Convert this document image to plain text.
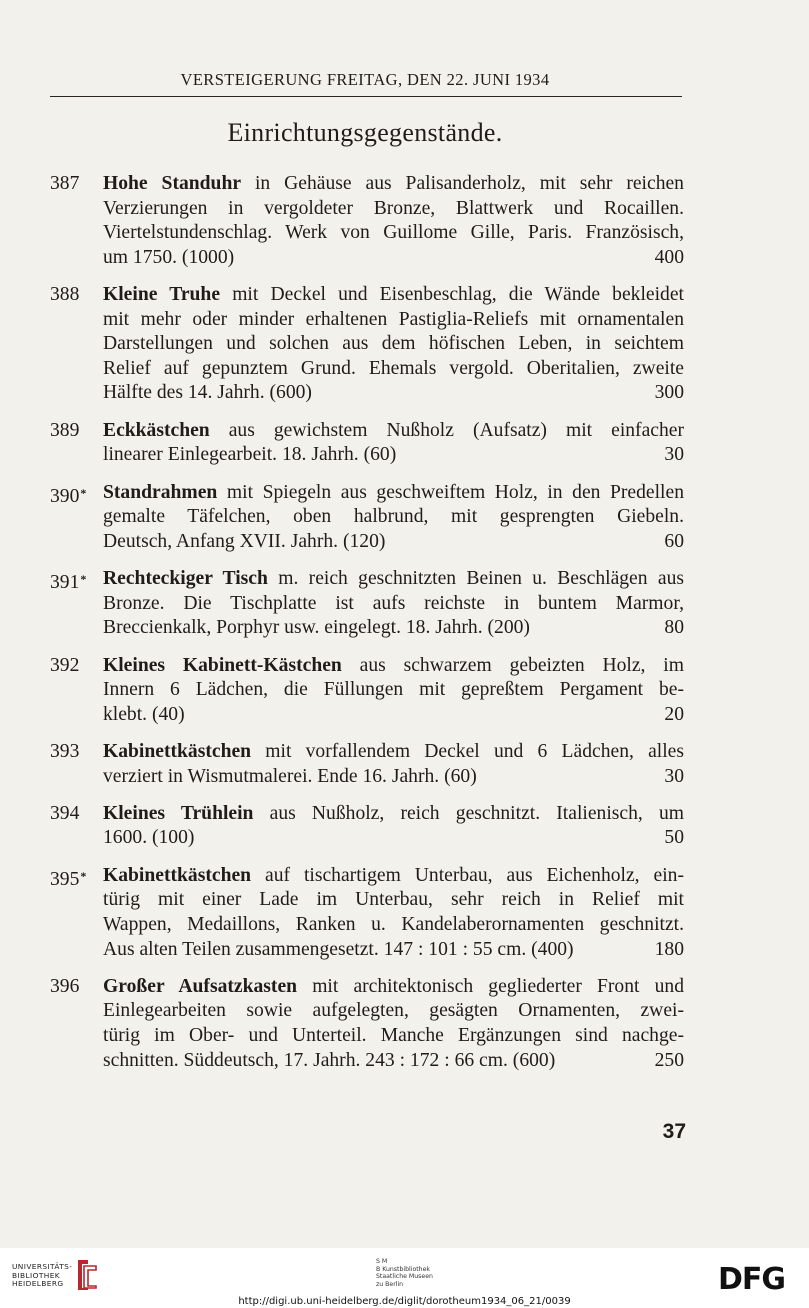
VERSTEIGERUNG FREITAG, DEN 22. JUNI 1934
Einrichtungsgegenstände.
387 Hohe Standuhr in Gehäuse aus Palisanderholz, mit sehr reichen
Verzierungen in vergoldeter Bronze, Blattwerk und Rocaillen.
Viertelstundenschlag. Werk von Guillome Gille, Paris. Französisch,
um 1750. (1000)	400
388 Kleine Truhe mit Deckel und Eisenbeschlag, die Wände bekleidet
mit mehr oder minder erhaltenen Pastiglia-Reliefs mit ornamentalen
Darstellungen und solchen aus dem höfischen Leben, in seichtem
Relief auf gepunztem Grund. Ehemals vergold. Oberitalien, zweite
Hälfte des 14. Jahrh. (600)	300
389 Eckkästchen aus gewichstem Nußholz (Aufsatz) mit einfacher
linearer Einlegearbeit. 18. Jahrh. (60)	30
390* Standrahmen mit Spiegeln aus geschweiftem Holz, in den Predellen
gemalte Täfelchen, oben halbrund, mit gesprengten Giebeln.
Deutsch, Anfang XVII. Jahrh. (120)	60
391* Rechteckiger Tisch m. reich geschnitzten Beinen u. Beschlägen aus
Bronze. Die Tischplatte ist aufs reichste in buntem Marmor,
Breccienkalk, Porphyr usw. eingelegt. 18. Jahrh. (200)	80
392 Kleines Kabinett-Kästchen aus schwarzem gebeizten Holz, im
Innern 6 Lädchen, die Füllungen mit gepreßtem Pergament be-
klebt. (40)	20
393 Kabinettkästchen mit vorfallendem Deckel und 6 Lädchen, alles
verziert in Wismutmalerei. Ende 16. Jahrh. (60)	30
394 Kleines Trühlein aus Nußholz, reich geschnitzt. Italienisch, um
1600. (100)	50
395* Kabinettkästchen auf tischartigem Unterbau, aus Eichenholz, ein-
türig mit einer Lade im Unterbau, sehr reich in Relief mit
Wappen, Medaillons, Ranken u. Kandelaberornamenten geschnitzt.
Aus alten Teilen zusammengesetzt. 147 : 101 : 55 cm. (400)	180
396 Großer Aufsatzkasten mit architektonisch gegliederter Front und
Einlegearbeiten sowie aufgelegten, gesägten Ornamenten, zwei-
türig im Ober- und Unterteil. Manche Ergänzungen sind nachge-
schnitten. Süddeutsch, 17. Jahrh. 243 : 172 : 66 cm. (600)	250
37
UNIVERSITÄTS-
BIBLIOTHEK
HEIDELBERG
S M
B Kunstbibliothek
Staatliche Museen
zu Berlin	DFG
http://digi.ub.uni-heidelberg.de/diglit/dorotheum1934_06_21/0039
